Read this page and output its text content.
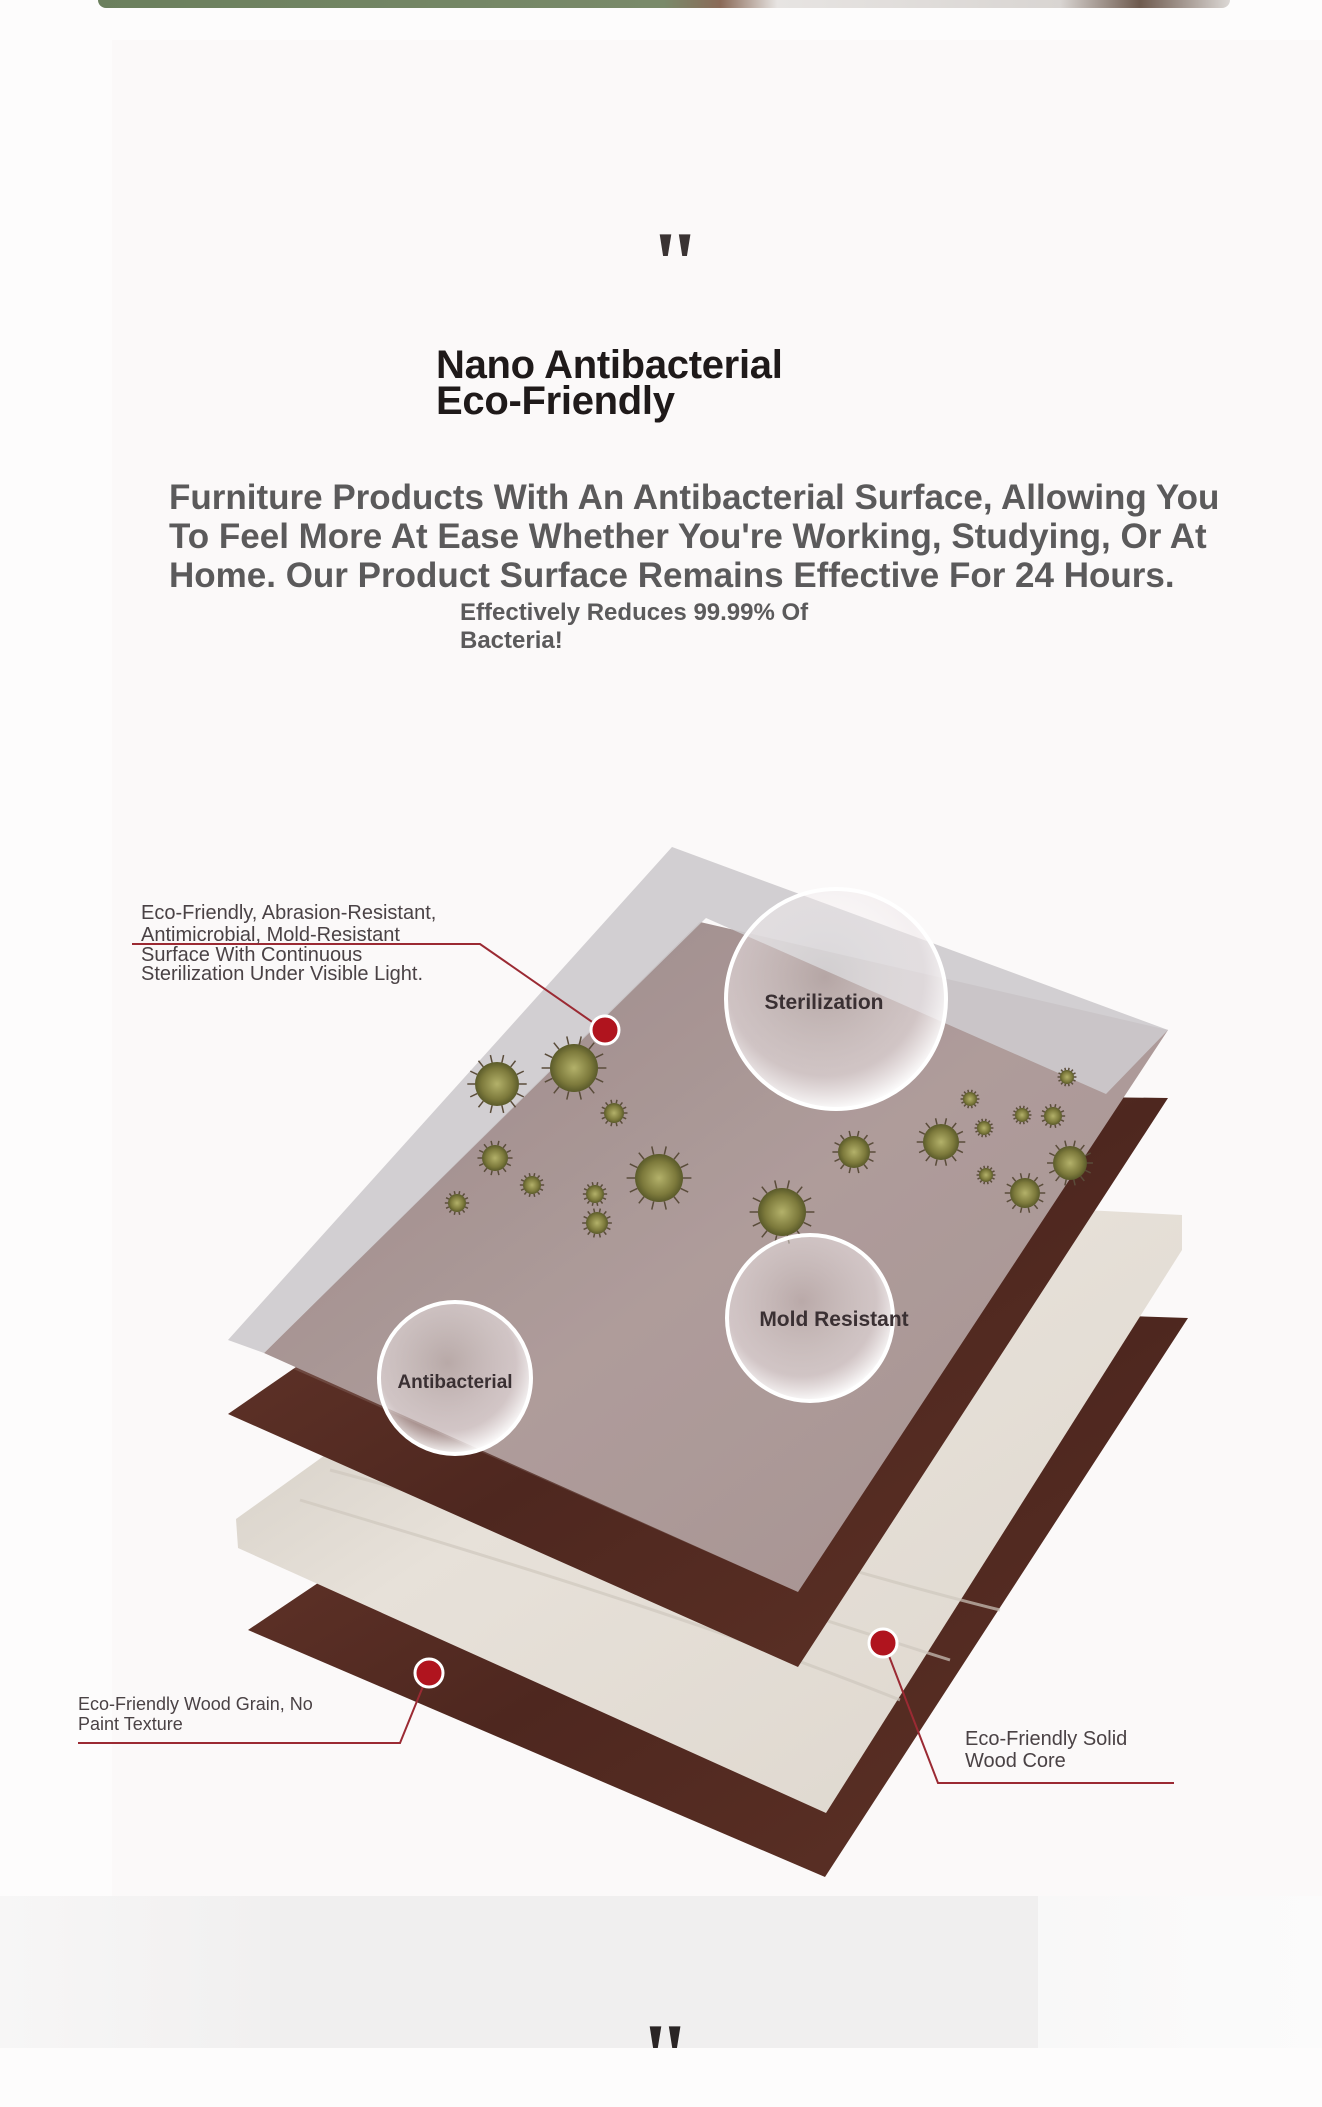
"
Nano Antibacterial
Eco-Friendly
Furniture Products With An Antibacterial Surface, Allowing You To Feel More At Ease Whether You're Working, Studying, Or At Home. Our Product Surface Remains Effective For 24 Hours.
Effectively Reduces 99.99% Of
Bacteria!
Eco-Friendly, Abrasion-Resistant,
Antimicrobial, Mold-Resistant
Surface With Continuous
Sterilization Under Visible Light.
Eco-Friendly Wood Grain, No
Paint Texture
Eco-Friendly Solid
Wood Core
Sterilization
Mold Resistant
Antibacterial
"
